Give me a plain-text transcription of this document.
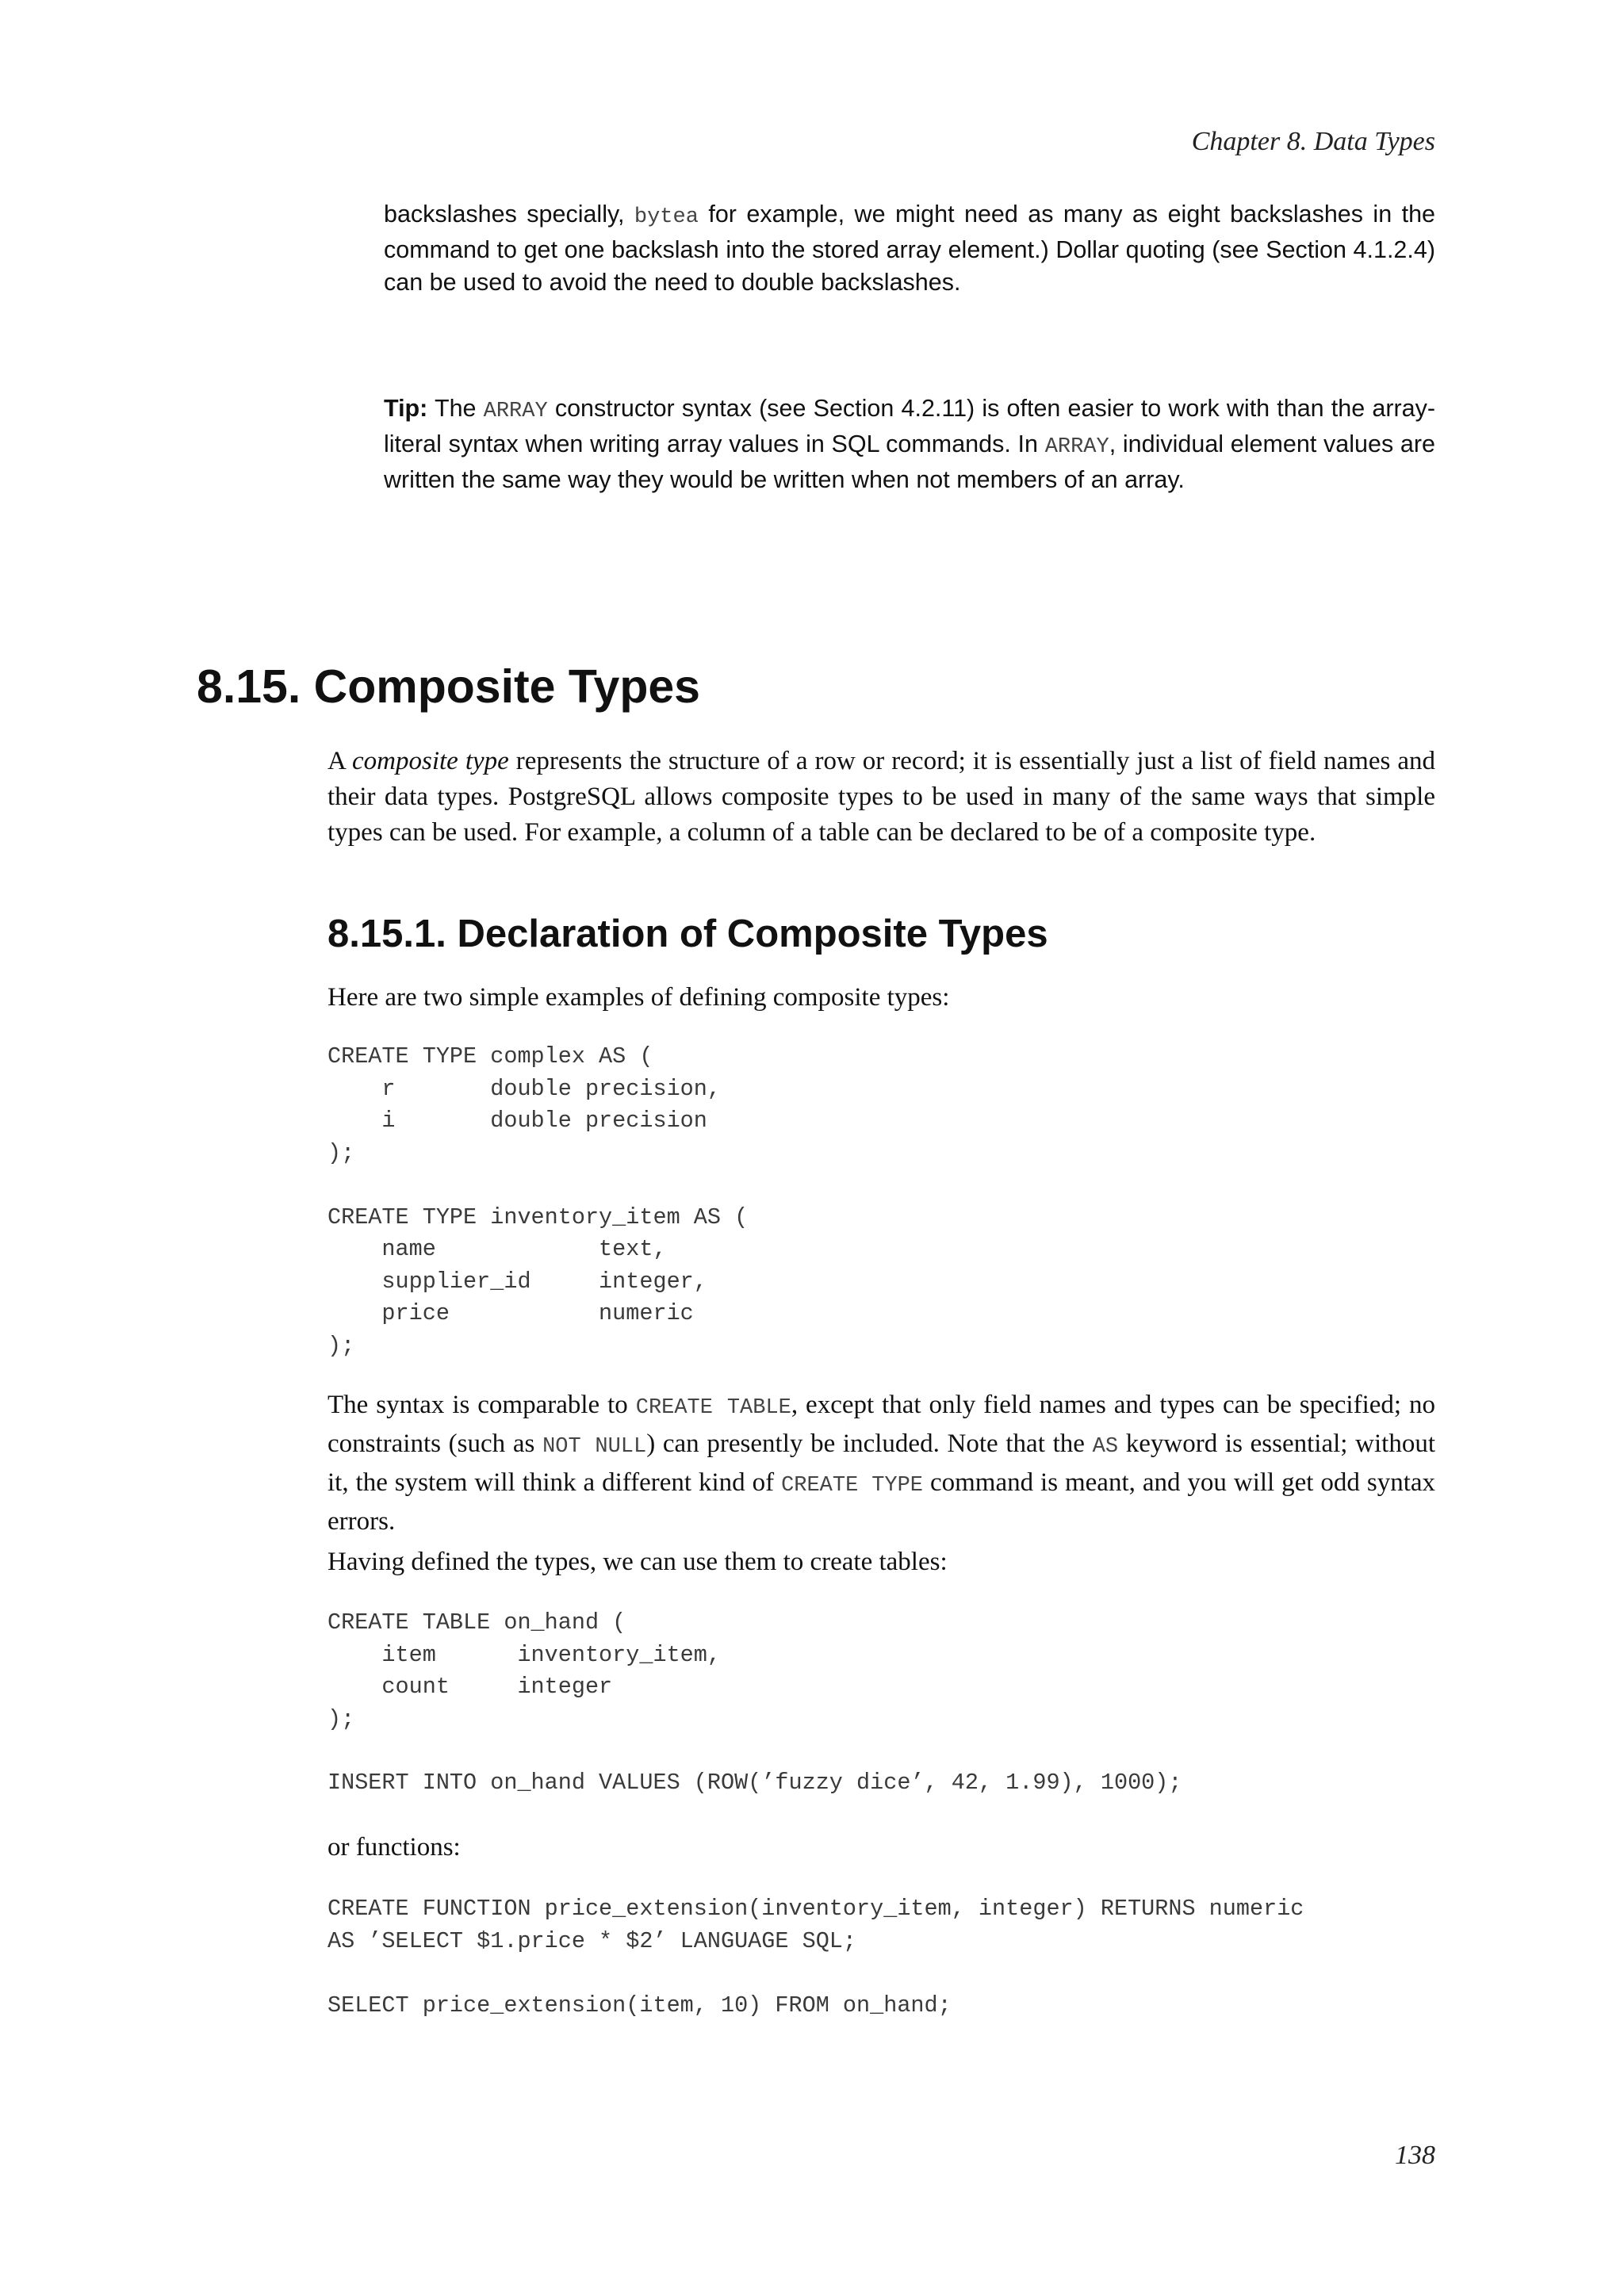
Chapter 8. Data Types

backslashes specially, bytea for example, we might need as many as eight backslashes in the command to get one backslash into the stored array element.) Dollar quoting (see Section 4.1.2.4) can be used to avoid the need to double backslashes.

Tip: The ARRAY constructor syntax (see Section 4.2.11) is often easier to work with than the array-literal syntax when writing array values in SQL commands. In ARRAY, individual element values are written the same way they would be written when not members of an array.

8.15. Composite Types

A composite type represents the structure of a row or record; it is essentially just a list of field names and their data types. PostgreSQL allows composite types to be used in many of the same ways that simple types can be used. For example, a column of a table can be declared to be of a composite type.

8.15.1. Declaration of Composite Types

Here are two simple examples of defining composite types:

CREATE TYPE complex AS (
r       double precision,
i       double precision
);

CREATE TYPE inventory_item AS (
name            text,
supplier_id     integer,
price           numeric
);

The syntax is comparable to CREATE TABLE, except that only field names and types can be specified; no constraints (such as NOT NULL) can presently be included. Note that the AS keyword is essential; without it, the system will think a different kind of CREATE TYPE command is meant, and you will get odd syntax errors.

Having defined the types, we can use them to create tables:

CREATE TABLE on_hand (
item      inventory_item,
count     integer
);
INSERT INTO on_hand VALUES (ROW(’fuzzy dice’, 42, 1.99), 1000);

or functions:

CREATE FUNCTION price_extension(inventory_item, integer) RETURNS numeric
AS ’SELECT $1.price * $2’ LANGUAGE SQL;
SELECT price_extension(item, 10) FROM on_hand;
138
